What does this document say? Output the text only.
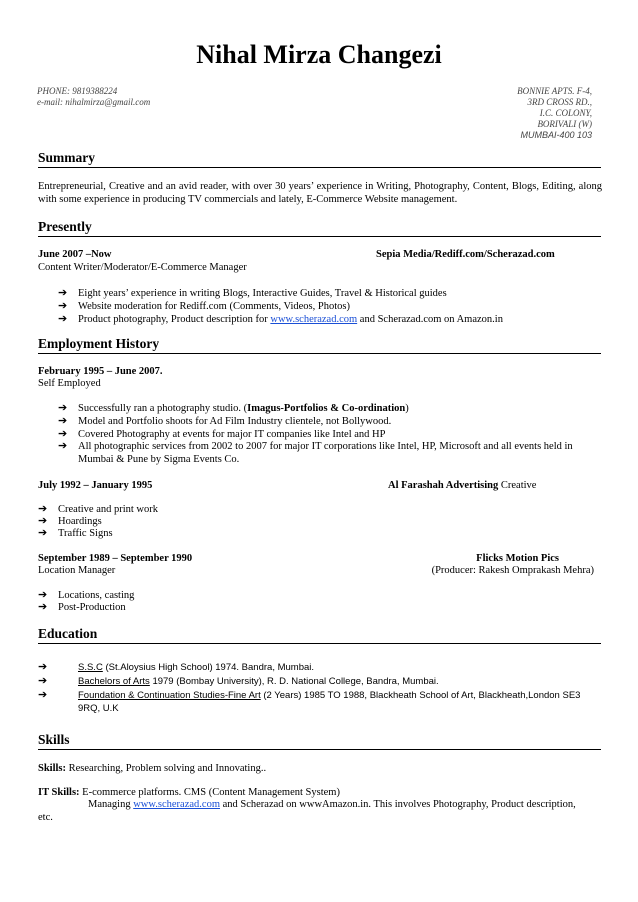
Nihal Mirza Changezi
PHONE: 9819388224
e-mail: nihalmirza@gmail.com
BONNIE APTS. F-4,
3RD CROSS RD.,
I.C. COLONY,
BORIVALI (W)
MUMBAI-400 103
Summary
Entrepreneurial, Creative and an avid reader, with over 30 years’ experience in Writing, Photography, Content, Blogs, Editing, along with some experience in producing TV commercials and lately, E-Commerce Website management.
Presently
June 2007 –Now	Sepia Media/Rediff.com/Scherazad.com
Content Writer/Moderator/E-Commerce Manager
➔ Eight years’ experience in writing Blogs, Interactive Guides, Travel & Historical guides
➔ Website moderation for Rediff.com (Comments, Videos, Photos)
➔ Product photography, Product description for www.scherazad.com and Scherazad.com on Amazon.in
Employment History
February 1995 – June 2007.
Self Employed
➔ Successfully ran a photography studio. (Imagus-Portfolios & Co-ordination)
➔ Model and Portfolio shoots for Ad Film Industry clientele, not Bollywood.
➔ Covered Photography at events for major IT companies like Intel and HP
➔ All photographic services from 2002 to 2007 for major IT corporations like Intel, HP, Microsoft and all events held in
Mumbai & Pune by Sigma Events Co.
July 1992 – January 1995	Al Farashah Advertising Creative
➔ Creative and print work
➔ Hoardings
➔ Traffic Signs
September 1989 – September 1990	Flicks Motion Pics
Location Manager	(Producer: Rakesh Omprakash Mehra)
➔ Locations, casting
➔ Post-Production
Education
➔	S.S.C (St.Aloysius High School) 1974. Bandra, Mumbai.
➔	Bachelors of Arts 1979 (Bombay University), R. D. National College, Bandra, Mumbai.
➔	Foundation & Continuation Studies-Fine Art (2 Years) 1985 TO 1988, Blackheath School of Art, Blackheath,London SE3
9RQ, U.K
Skills
Skills: Researching, Problem solving and Innovating..
IT Skills: E-commerce platforms. CMS (Content Management System)
Managing www.scherazad.com and Scherazad on wwwAmazon.in. This involves Photography, Product description,
etc.
